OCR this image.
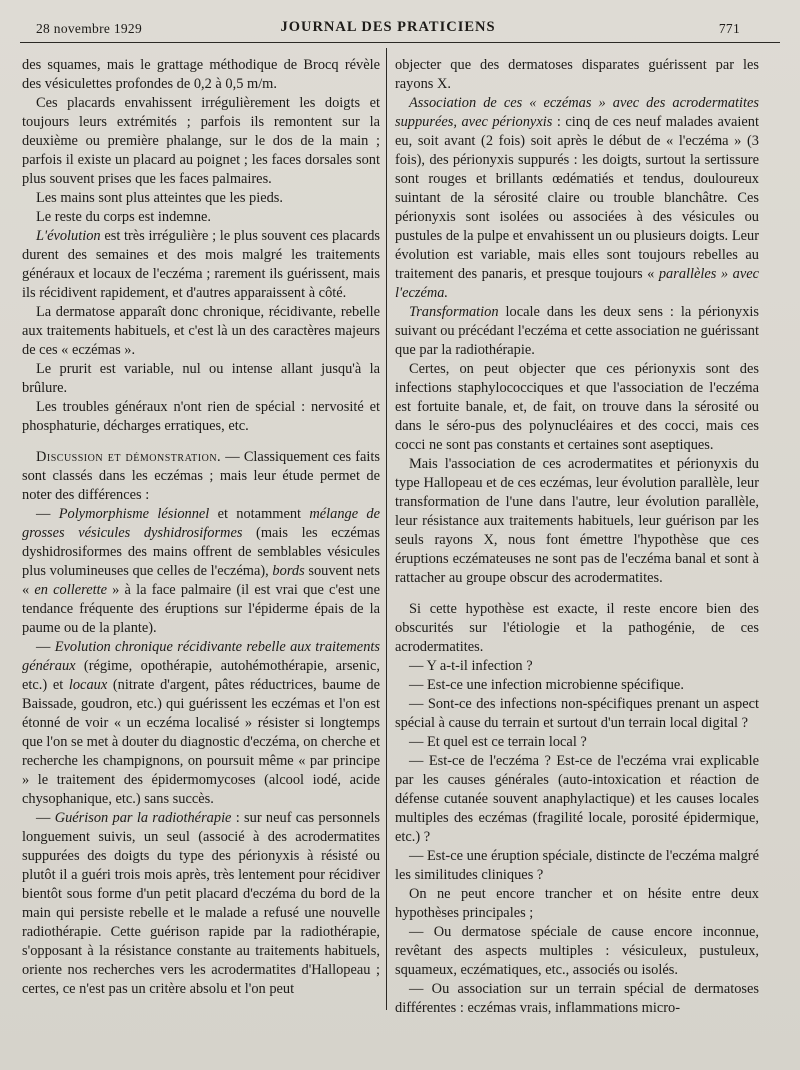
28 novembre 1929	JOURNAL DES PRATICIENS	771

des squames, mais le grattage méthodique de Brocq révèle des vésiculettes profondes de 0,2 à 0,5 m/m.

Ces placards envahissent irrégulièrement les doigts et toujours leurs extrémités ; parfois ils remontent sur la deuxième ou première phalange, sur le dos de la main ; parfois il existe un placard au poignet ; les faces dorsales sont plus souvent prises que les faces palmaires.

Les mains sont plus atteintes que les pieds.

Le reste du corps est indemne.

L'évolution est très irrégulière ; le plus souvent ces placards durent des semaines et des mois malgré les traitements généraux et locaux de l'eczéma ; rarement ils guérissent, mais ils récidivent rapidement, et d'autres apparaissent à côté.

La dermatose apparaît donc chronique, récidivante, rebelle aux traitements habituels, et c'est là un des caractères majeurs de ces « eczémas ».

Le prurit est variable, nul ou intense allant jusqu'à la brûlure.

Les troubles généraux n'ont rien de spécial : nervosité et phosphaturie, décharges erratiques, etc.

Discussion et démonstration. — Classiquement ces faits sont classés dans les eczémas ; mais leur étude permet de noter des différences :

— Polymorphisme lésionnel et notamment mélange de grosses vésicules dyshidrosiformes (mais les eczémas dyshidrosiformes des mains offrent de semblables vésicules plus volumineuses que celles de l'eczéma), bords souvent nets « en collerette » à la face palmaire (il est vrai que c'est une tendance fréquente des éruptions sur l'épiderme épais de la paume ou de la plante).

— Evolution chronique récidivante rebelle aux traitements généraux (régime, opothérapie, autohémothérapie, arsenic, etc.) et locaux (nitrate d'argent, pâtes réductrices, baume de Baissade, goudron, etc.) qui guérissent les eczémas et l'on est étonné de voir « un eczéma localisé » résister si longtemps que l'on se met à douter du diagnostic d'eczéma, on cherche et recherche les champignons, on poursuit même « par principe » le traitement des épidermomycoses (alcool iodé, acide chysophanique, etc.) sans succès.

— Guérison par la radiothérapie : sur neuf cas personnels longuement suivis, un seul (associé à des acrodermatites suppurées des doigts du type des périonyxis à résisté ou plutôt il a guéri trois mois après, très lentement pour récidiver bientôt sous forme d'un petit placard d'eczéma du bord de la main qui persiste rebelle et le malade a refusé une nouvelle radiothérapie. Cette guérison rapide par la radiothérapie, s'opposant à la résistance constante au traitements habituels, oriente nos recherches vers les acrodermatites d'Hallopeau ; certes, ce n'est pas un critère absolu et l'on peut

objecter que des dermatoses disparates guérissent par les rayons X.

Association de ces « eczémas » avec des acrodermatites suppurées, avec périonyxis : cinq de ces neuf malades avaient eu, soit avant (2 fois) soit après le début de « l'eczéma » (3 fois), des périonyxis suppurés : les doigts, surtout la sertissure sont rouges et brillants œdématiés et tendus, douloureux suintant de la sérosité claire ou trouble blanchâtre. Ces périonyxis sont isolées ou associées à des vésicules ou pustules de la pulpe et envahissent un ou plusieurs doigts. Leur évolution est variable, mais elles sont toujours rebelles au traitement des panaris, et presque toujours « parallèles » avec l'eczéma.

Transformation locale dans les deux sens : la périonyxis suivant ou précédant l'eczéma et cette association ne guérissant que par la radiothérapie.

Certes, on peut objecter que ces périonyxis sont des infections staphylococciques et que l'association de l'eczéma est fortuite banale, et, de fait, on trouve dans la sérosité ou dans le séro-pus des polynucléaires et des cocci, mais ces cocci ne sont pas constants et certaines sont aseptiques.

Mais l'association de ces acrodermatites et périonyxis du type Hallopeau et de ces eczémas, leur évolution parallèle, leur transformation de l'une dans l'autre, leur évolution parallèle, leur résistance aux traitements habituels, leur guérison par les seuls rayons X, nous font émettre l'hypothèse que ces éruptions eczémateuses ne sont pas de l'eczéma banal et sont à rattacher au groupe obscur des acrodermatites.

Si cette hypothèse est exacte, il reste encore bien des obscurités sur l'étiologie et la pathogénie, de ces acrodermatites.

— Y a-t-il infection ?

— Est-ce une infection microbienne spécifique.

— Sont-ce des infections non-spécifiques prenant un aspect spécial à cause du terrain et surtout d'un terrain local digital ?

— Et quel est ce terrain local ?

— Est-ce de l'eczéma ? Est-ce de l'eczéma vrai explicable par les causes générales (auto-intoxication et réaction de défense cutanée souvent anaphylactique) et les causes locales multiples des eczémas (fragilité locale, porosité épidermique, etc.) ?

— Est-ce une éruption spéciale, distincte de l'eczéma malgré les similitudes cliniques ?

On ne peut encore trancher et on hésite entre deux hypothèses principales ;

— Ou dermatose spéciale de cause encore inconnue, revêtant des aspects multiples : vésiculeux, pustuleux, squameux, eczématiques, etc., associés ou isolés.

— Ou association sur un terrain spécial de dermatoses différentes : eczémas vrais, inflammations micro-
